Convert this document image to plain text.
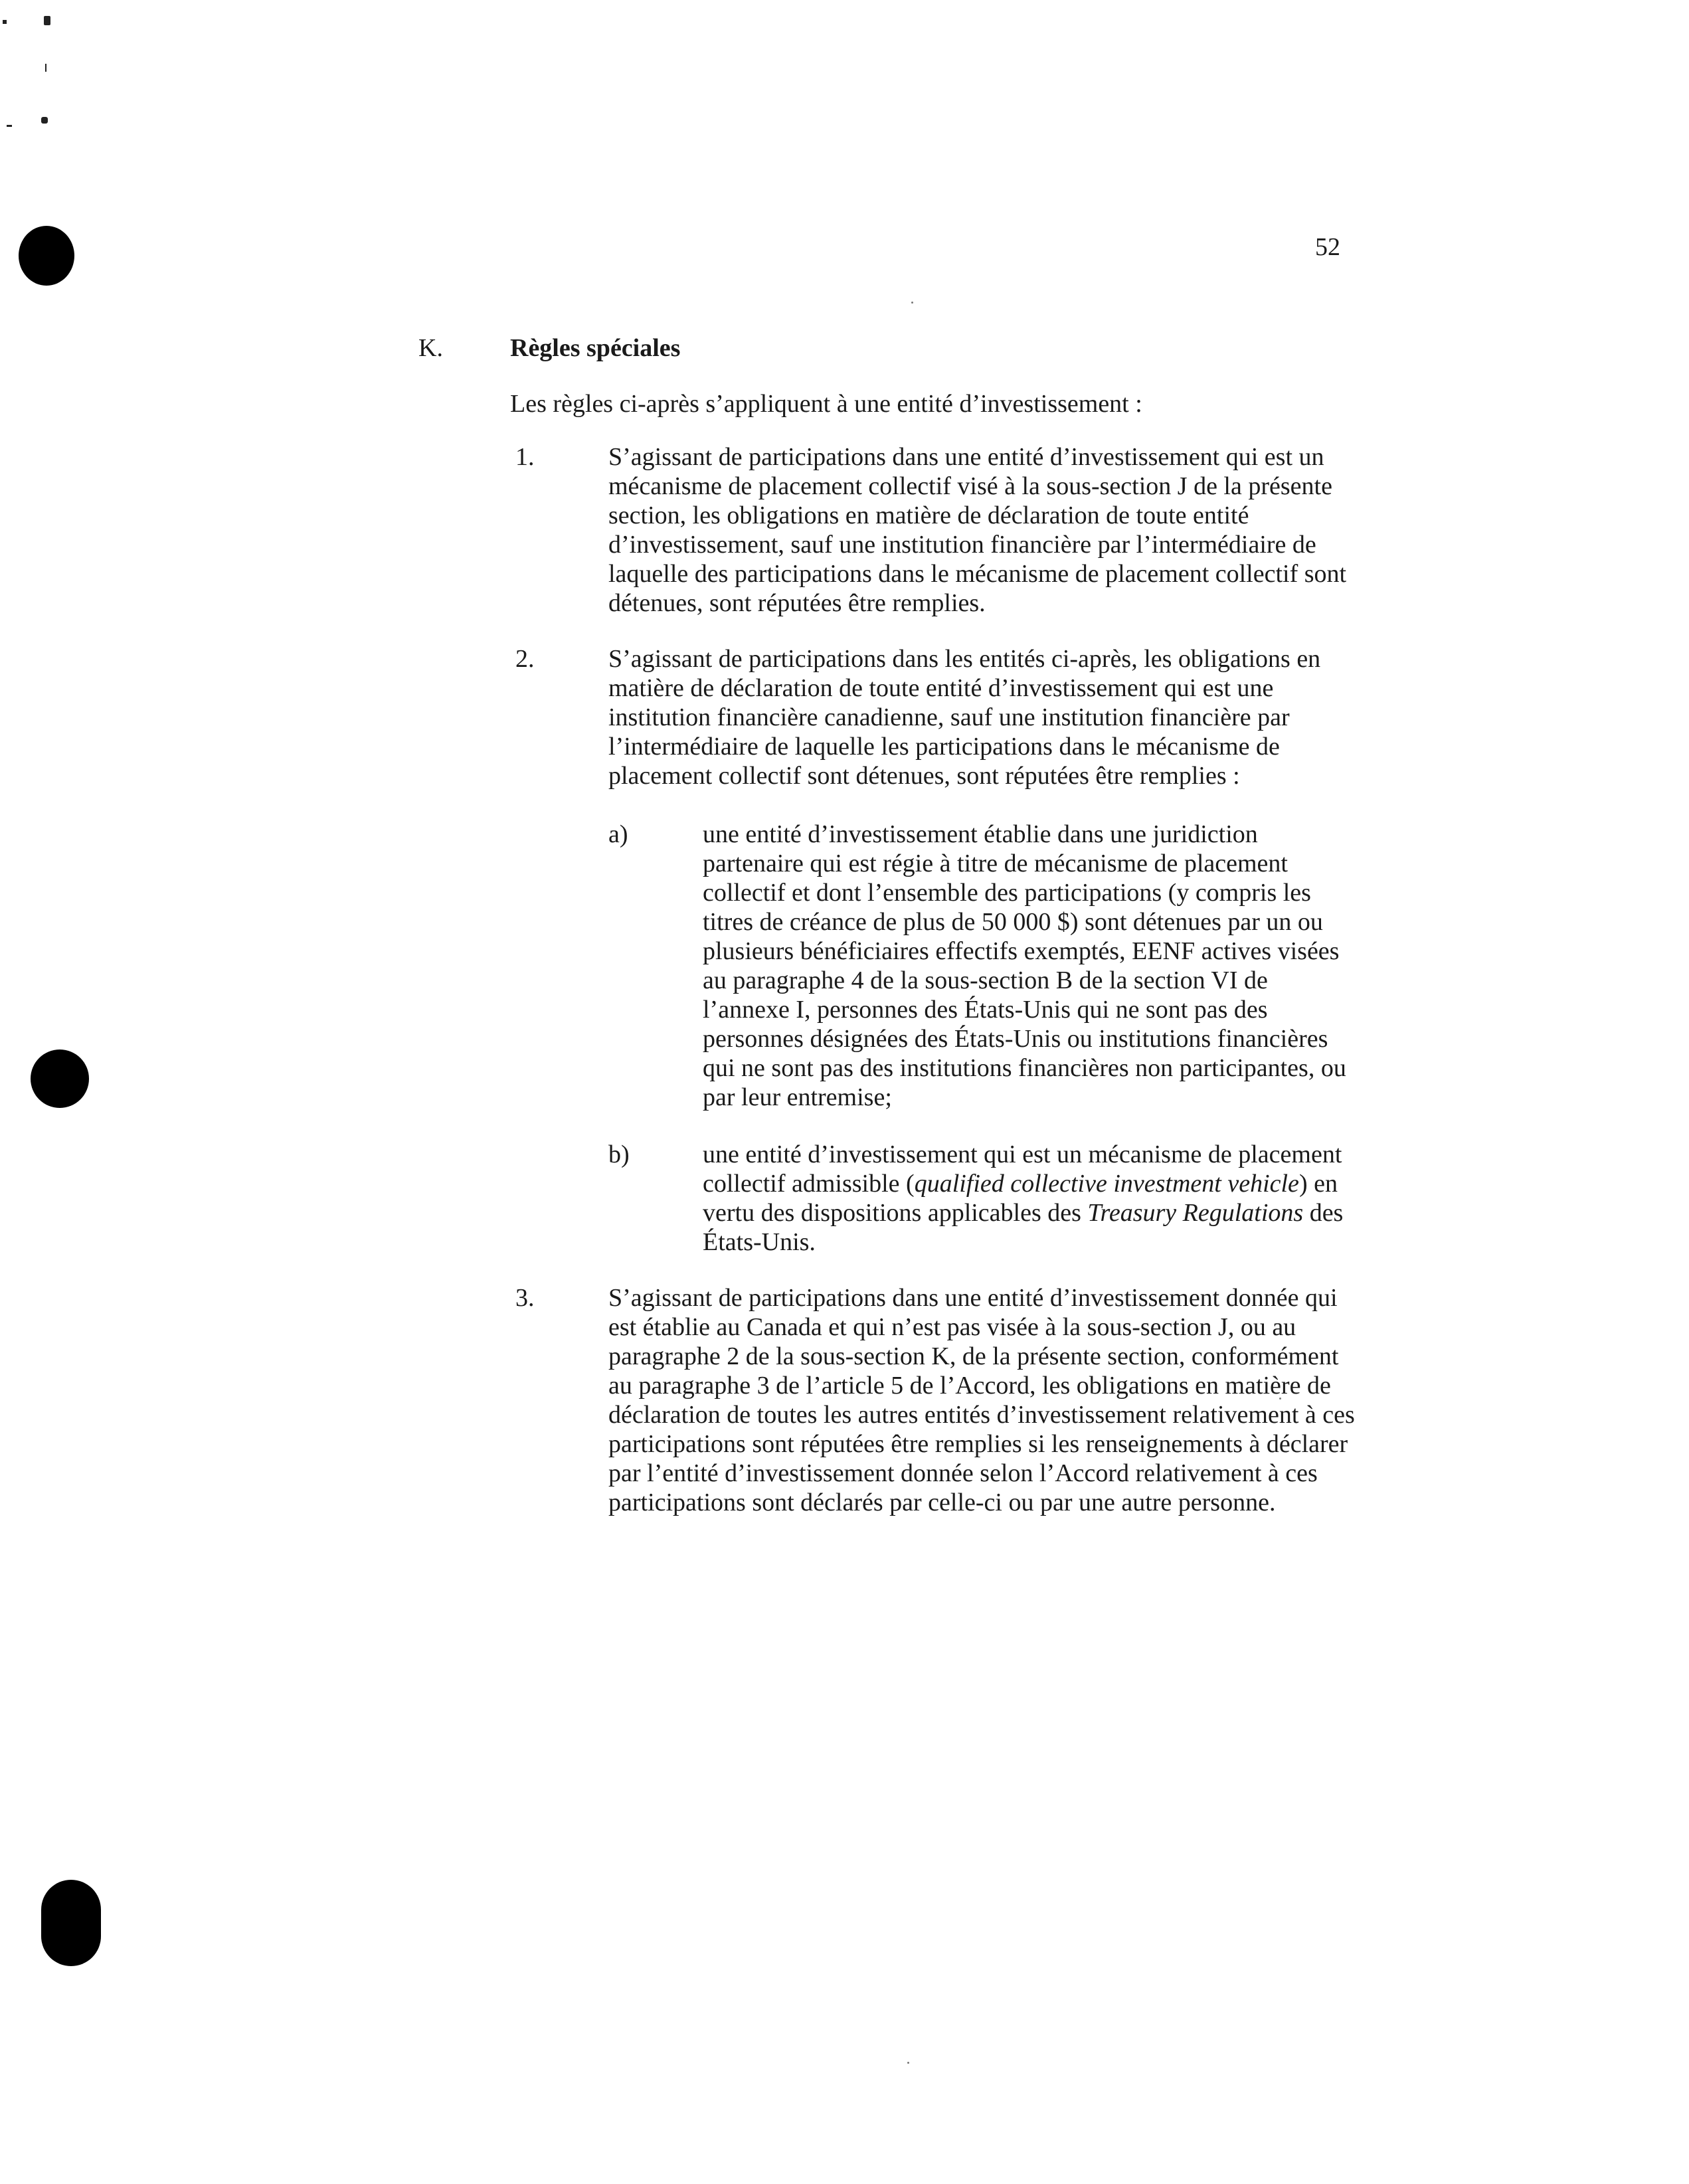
52
K.	Règles spéciales
Les règles ci-après s’appliquent à une entité d’investissement :
1.	S’agissant de participations dans une entité d’investissement qui est un mécanisme de placement collectif visé à la sous-section J de la présente section, les obligations en matière de déclaration de toute entité d’investissement, sauf une institution financière par l’intermédiaire de laquelle des participations dans le mécanisme de placement collectif sont détenues, sont réputées être remplies.
2.	S’agissant de participations dans les entités ci-après, les obligations en matière de déclaration de toute entité d’investissement qui est une institution financière canadienne, sauf une institution financière par l’intermédiaire de laquelle les participations dans le mécanisme de placement collectif sont détenues, sont réputées être remplies :
a)	une entité d’investissement établie dans une juridiction partenaire qui est régie à titre de mécanisme de placement collectif et dont l’ensemble des participations (y compris les titres de créance de plus de 50 000 $) sont détenues par un ou plusieurs bénéficiaires effectifs exemptés, EENF actives visées au paragraphe 4 de la sous-section B de la section VI de l’annexe I, personnes des États-Unis qui ne sont pas des personnes désignées des États-Unis ou institutions financières qui ne sont pas des institutions financières non participantes, ou par leur entremise;
b)	une entité d’investissement qui est un mécanisme de placement collectif admissible (qualified collective investment vehicle) en vertu des dispositions applicables des Treasury Regulations des États-Unis.
3.	S’agissant de participations dans une entité d’investissement donnée qui est établie au Canada et qui n’est pas visée à la sous-section J, ou au paragraphe 2 de la sous-section K, de la présente section, conformément au paragraphe 3 de l’article 5 de l’Accord, les obligations en matière de déclaration de toutes les autres entités d’investissement relativement à ces participations sont réputées être remplies si les renseignements à déclarer par l’entité d’investissement donnée selon l’Accord relativement à ces participations sont déclarés par celle-ci ou par une autre personne.
